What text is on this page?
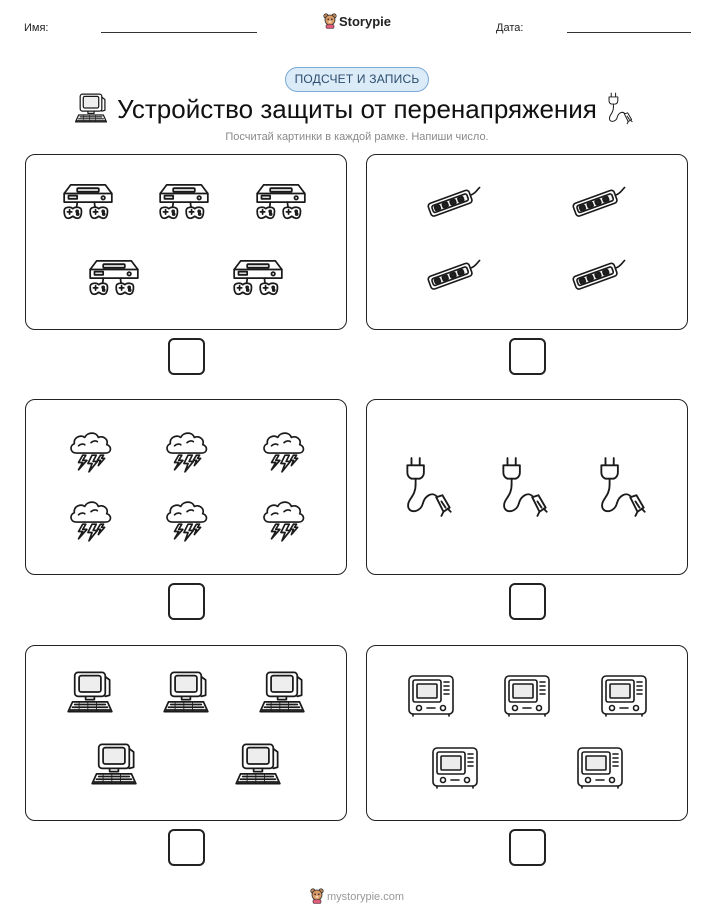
Имя:	Storypie	Дата:
ПОДСЧЕТ И ЗАПИСЬ
Устройство защиты от перенапряжения
Посчитай картинки в каждой рамке. Напиши число.
mystorypie.com
